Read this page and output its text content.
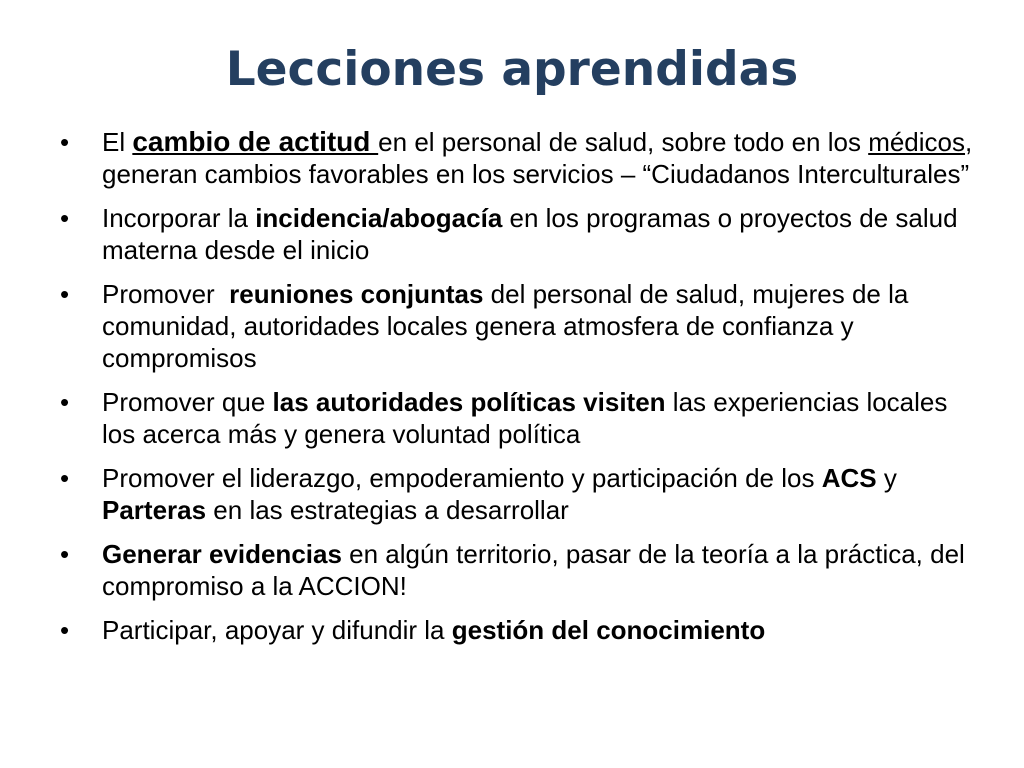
Lecciones aprendidas
• El cambio de actitud en el personal de salud, sobre todo en los médicos, generan cambios favorables en los servicios – “Ciudadanos Interculturales”
• Incorporar la incidencia/abogacía en los programas o proyectos de salud materna desde el inicio
• Promover  reuniones conjuntas del personal de salud, mujeres de la comunidad, autoridades locales genera atmosfera de confianza y compromisos
• Promover que las autoridades políticas visiten las experiencias locales los acerca más y genera voluntad política
• Promover el liderazgo, empoderamiento y participación de los ACS y Parteras en las estrategias a desarrollar
• Generar evidencias en algún territorio, pasar de la teoría a la práctica, del compromiso a la ACCION!
• Participar, apoyar y difundir la gestión del conocimiento
